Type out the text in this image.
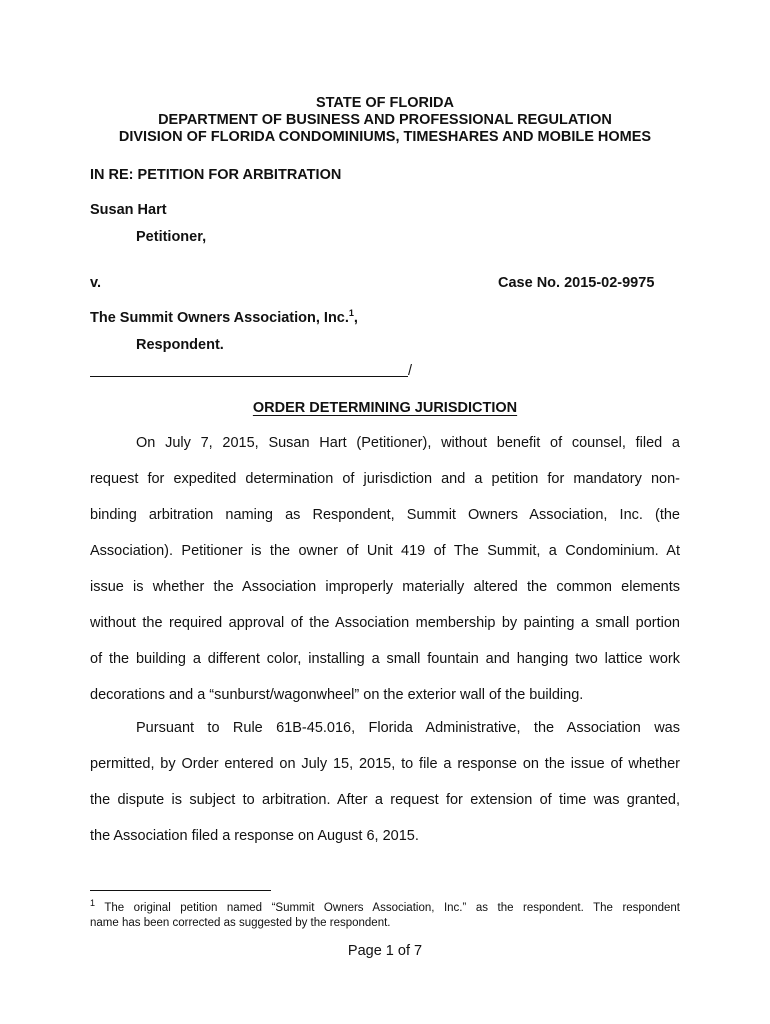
STATE OF FLORIDA
DEPARTMENT OF BUSINESS AND PROFESSIONAL REGULATION
DIVISION OF FLORIDA CONDOMINIUMS, TIMESHARES AND MOBILE HOMES
IN RE: PETITION FOR ARBITRATION
Susan Hart
Petitioner,
v.	Case No. 2015-02-9975
The Summit Owners Association, Inc.$^1$,
Respondent.
/
ORDER DETERMINING JURISDICTION
On July 7, 2015, Susan Hart (Petitioner), without benefit of counsel, filed a
request for expedited determination of jurisdiction and a petition for mandatory non-
binding arbitration naming as Respondent, Summit Owners Association, Inc. (the
Association). Petitioner is the owner of Unit 419 of The Summit, a Condominium. At
issue is whether the Association improperly materially altered the common elements
without the required approval of the Association membership by painting a small portion
of the building a different color, installing a small fountain and hanging two lattice work
decorations and a “sunburst/wagonwheel” on the exterior wall of the building.
Pursuant to Rule 61B-45.016, Florida Administrative, the Association was
permitted, by Order entered on July 15, 2015, to file a response on the issue of whether
the dispute is subject to arbitration. After a request for extension of time was granted,
the Association filed a response on August 6, 2015.
$^1$ The original petition named “Summit Owners Association, Inc.” as the respondent. The respondent
name has been corrected as suggested by the respondent.
Page 1 of 7
